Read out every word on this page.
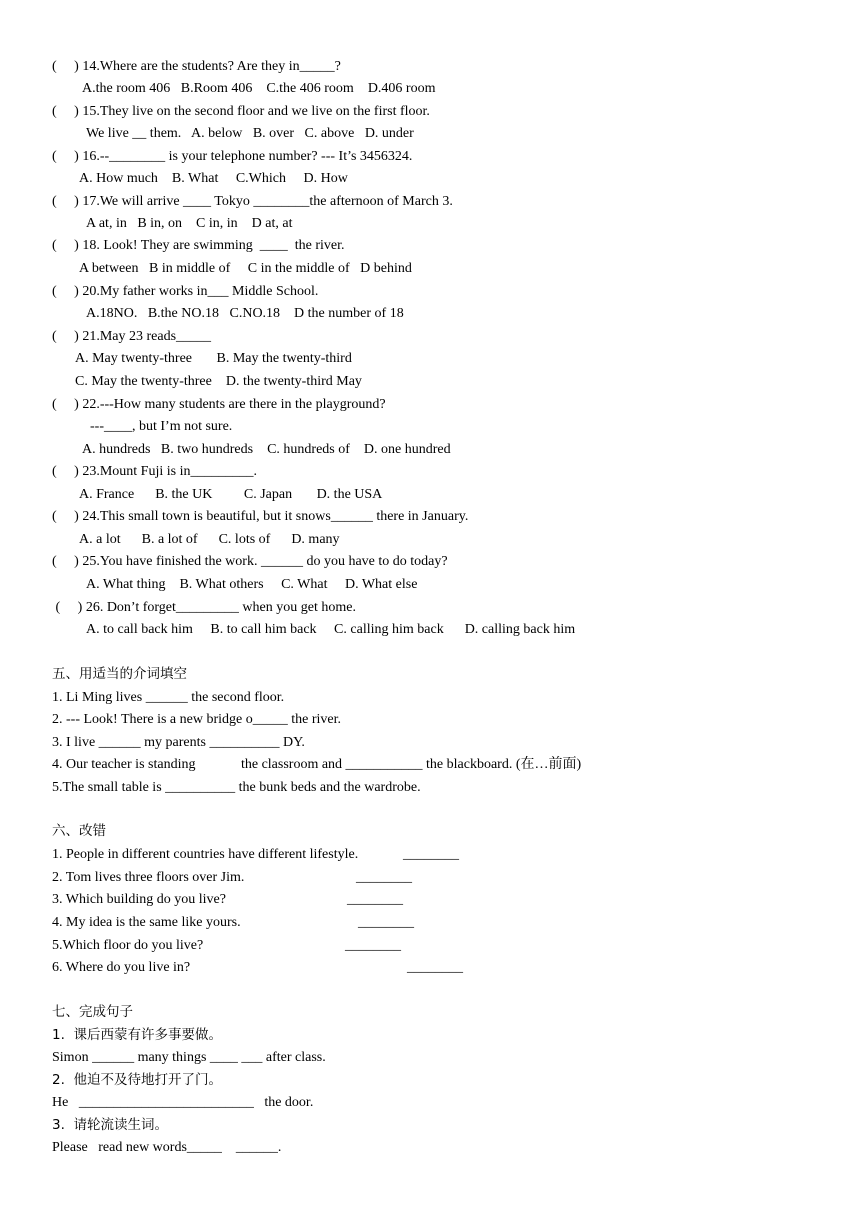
(     ) 14.Where are the students? Are they in_____?
A.the room 406   B.Room 406    C.the 406 room    D.406 room
(     ) 15.They live on the second floor and we live on the first floor.
We live __ them.   A. below   B. over   C. above   D. under
(     ) 16.--________ is your telephone number? --- It’s 3456324.
A. How much    B. What     C.Which     D. How
(     ) 17.We will arrive ____ Tokyo ________the afternoon of March 3.
A at, in   B in, on    C in, in    D at, at
(     ) 18. Look! They are swimming  ____  the river.
A between   B in middle of     C in the middle of   D behind
(     ) 20.My father works in___ Middle School.
A.18NO.   B.the NO.18   C.NO.18    D the number of 18
(     ) 21.May 23 reads_____
A. May twenty-three       B. May the twenty-third
C. May the twenty-three    D. the twenty-third May
(     ) 22.---How many students are there in the playground?
---____, but I’m not sure.
A. hundreds   B. two hundreds    C. hundreds of    D. one hundred
(     ) 23.Mount Fuji is in_________.
A. France      B. the UK         C. Japan       D. the USA
(     ) 24.This small town is beautiful, but it snows______ there in January.
A. a lot      B. a lot of      C. lots of      D. many
(     ) 25.You have finished the work. ______ do you have to do today?
A. What thing    B. What others     C. What     D. What else
(     ) 26. Don’t forget_________ when you get home.
A. to call back him     B. to call him back     C. calling him back      D. calling back him
五、用适当的介词填空
1. Li Ming lives ______ the second floor.
2. --- Look! There is a new bridge o_____ the river.
3. I live ______ my parents __________ DY.
4. Our teacher is standing             the classroom and ___________ the blackboard. (在…前面)
5.The small table is __________ the bunk beds and the wardrobe.
六、改错
1. People in different countries have different lifestyle.	________
2. Tom lives three floors over Jim.	________
3. Which building do you live?	________
4. My idea is the same like yours.	________
5.Which floor do you live?	________
6. Where do you live in?	________
七、完成句子
1.  课后西蒙有许多事要做。
Simon ______ many things ____ ___ after class.
2.  他迫不及待地打开了门。
He   _________________________   the door.
3.  请轮流读生词。
Please   read new words_____    ______.
